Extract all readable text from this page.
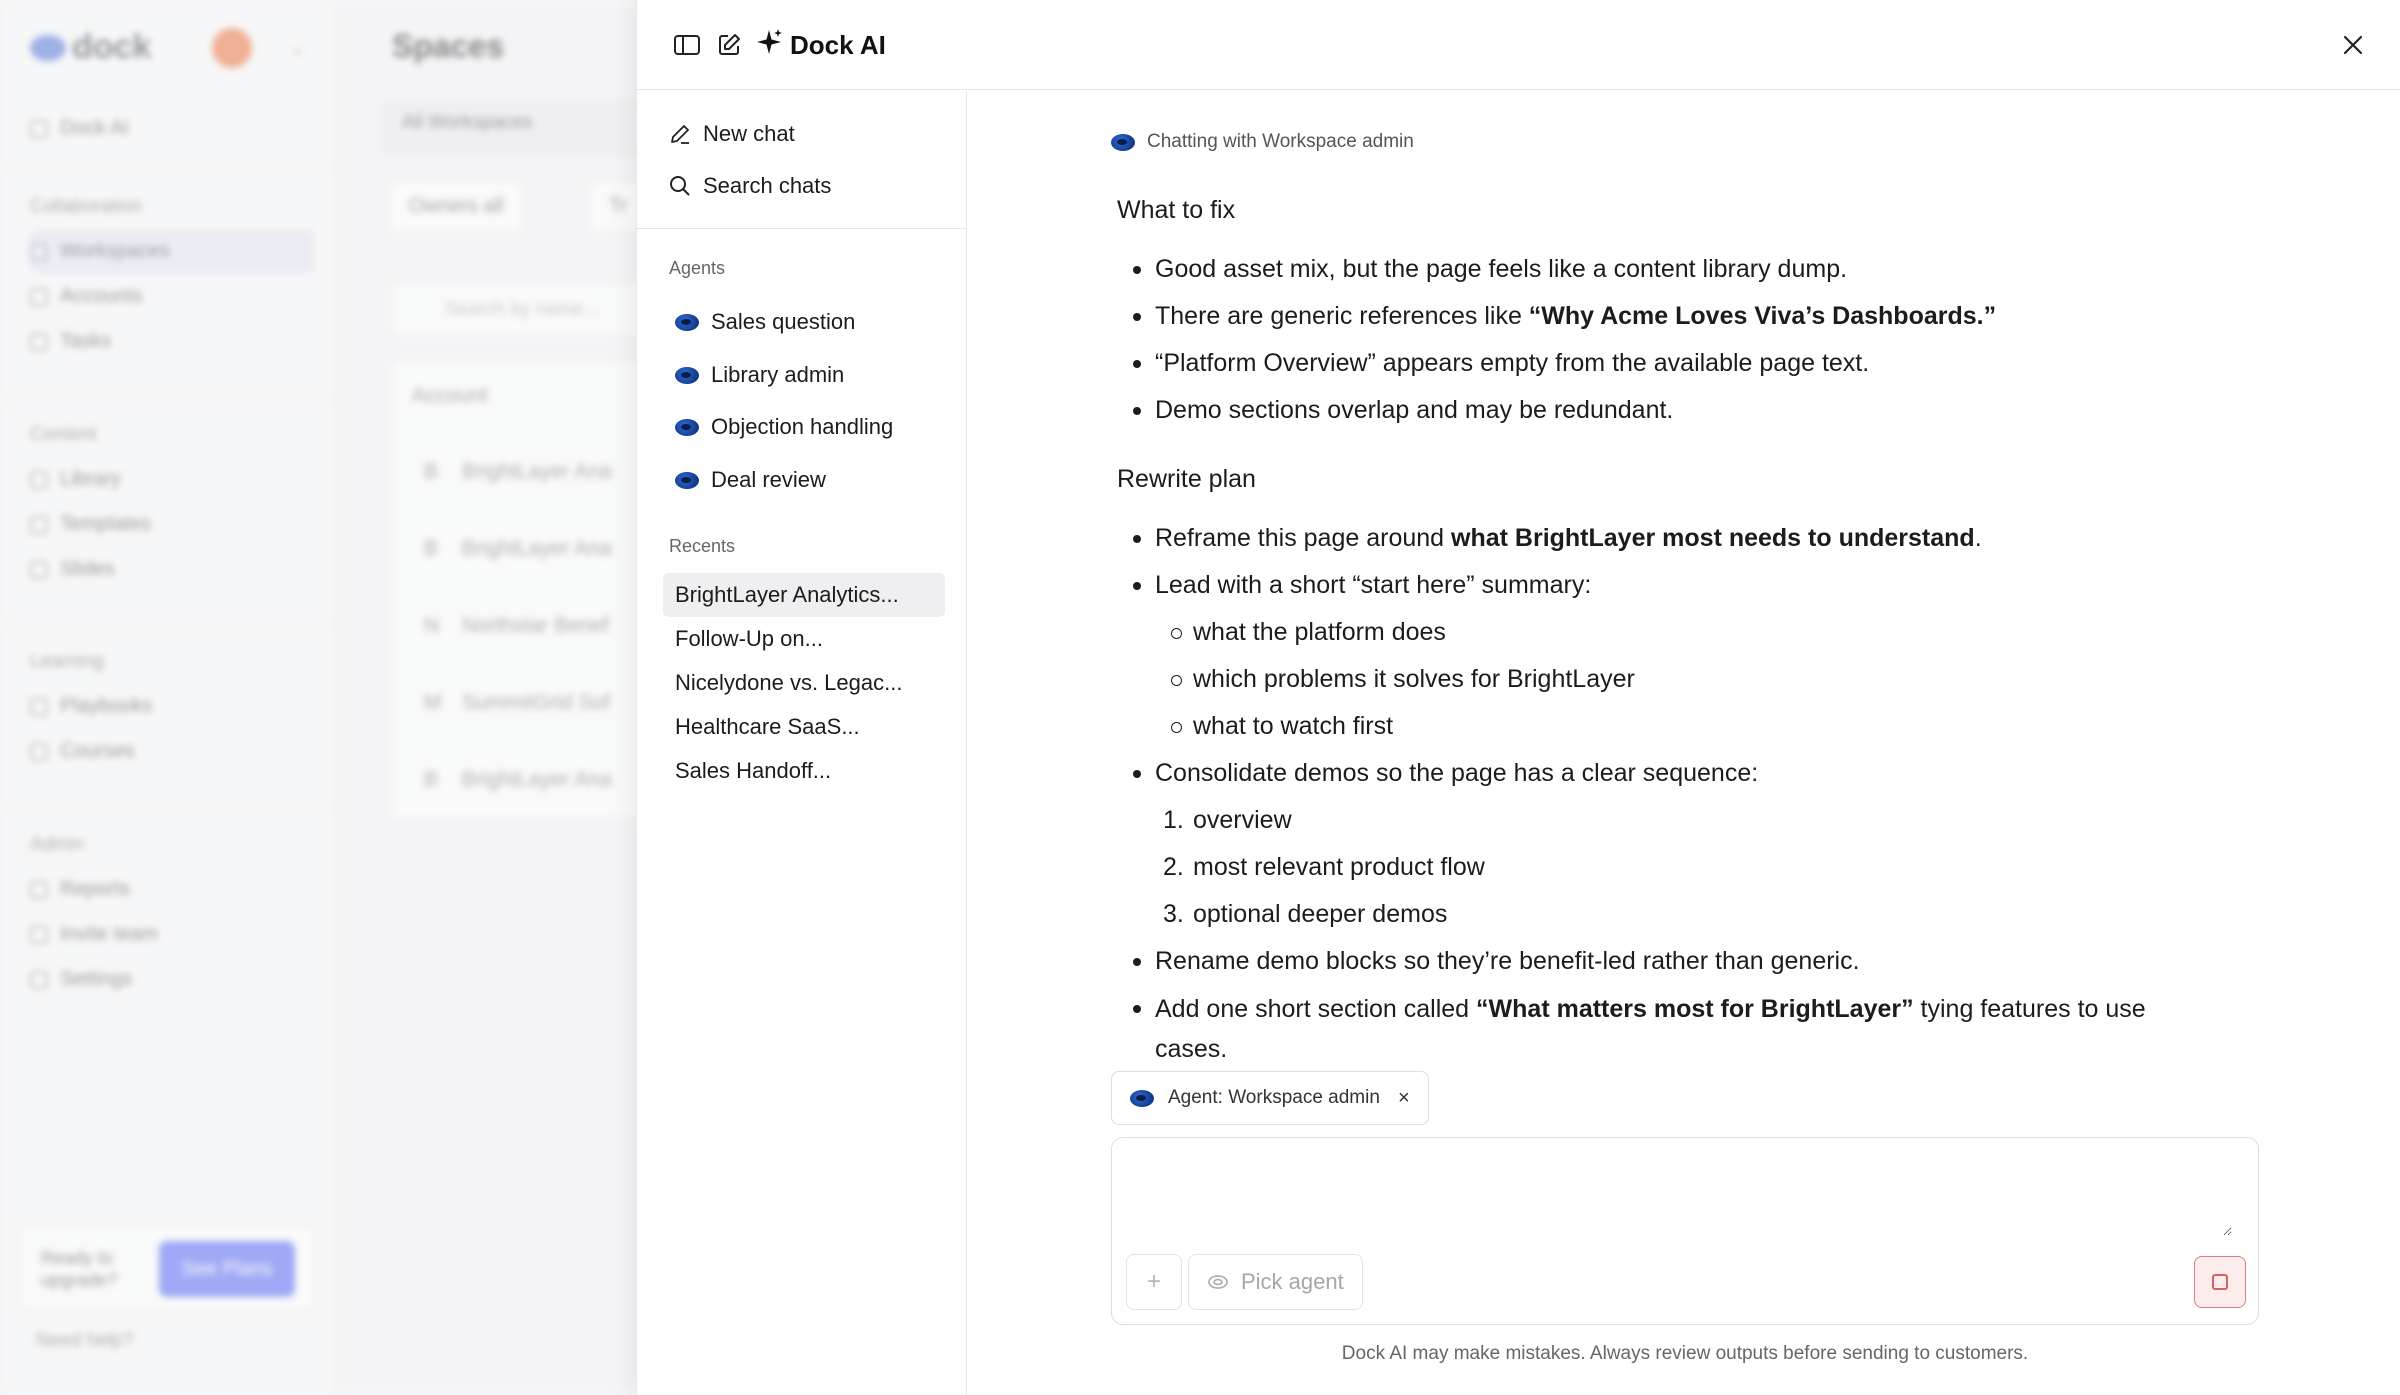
dock	⌄
Dock AI
Collaboration
Workspaces
Accounts
Tasks
Content
Library
Templates
Slides
Learning
Playbooks
Courses
Admin
Reports
Invite team
Settings
Ready to upgrade?
See Plans
Need help?
Spaces
All Workspaces
Owners all	Tr
Search by name...
Account
BrightLayer Ana
BrightLayer Ana
Northstar Benef
SummitGrid Sof
BrightLayer Ana
B
B
N
M
B
Dock AI
New chat
Search chats
Agents
Sales question
Library admin
Objection handling
Deal review
Recents
BrightLayer Analytics...
Follow-Up on...
Nicelydone vs. Legac...
Healthcare SaaS...
Sales Handoff...
Chatting with Workspace admin
What to fix
Good asset mix, but the page feels like a content library dump.
There are generic references like “Why Acme Loves Viva’s Dashboards.”
“Platform Overview” appears empty from the available page text.
Demo sections overlap and may be redundant.
Rewrite plan
Reframe this page around what BrightLayer most needs to understand.
Lead with a short “start here” summary:
what the platform does
which problems it solves for BrightLayer
what to watch first
Consolidate demos so the page has a clear sequence:
1. overview
2. most relevant product flow
3. optional deeper demos
Rename demo blocks so they’re benefit-led rather than generic.
Add one short section called “What matters most for BrightLayer” tying features to use cases.
Agent: Workspace admin ×
+	Pick agent
Dock AI may make mistakes. Always review outputs before sending to customers.
